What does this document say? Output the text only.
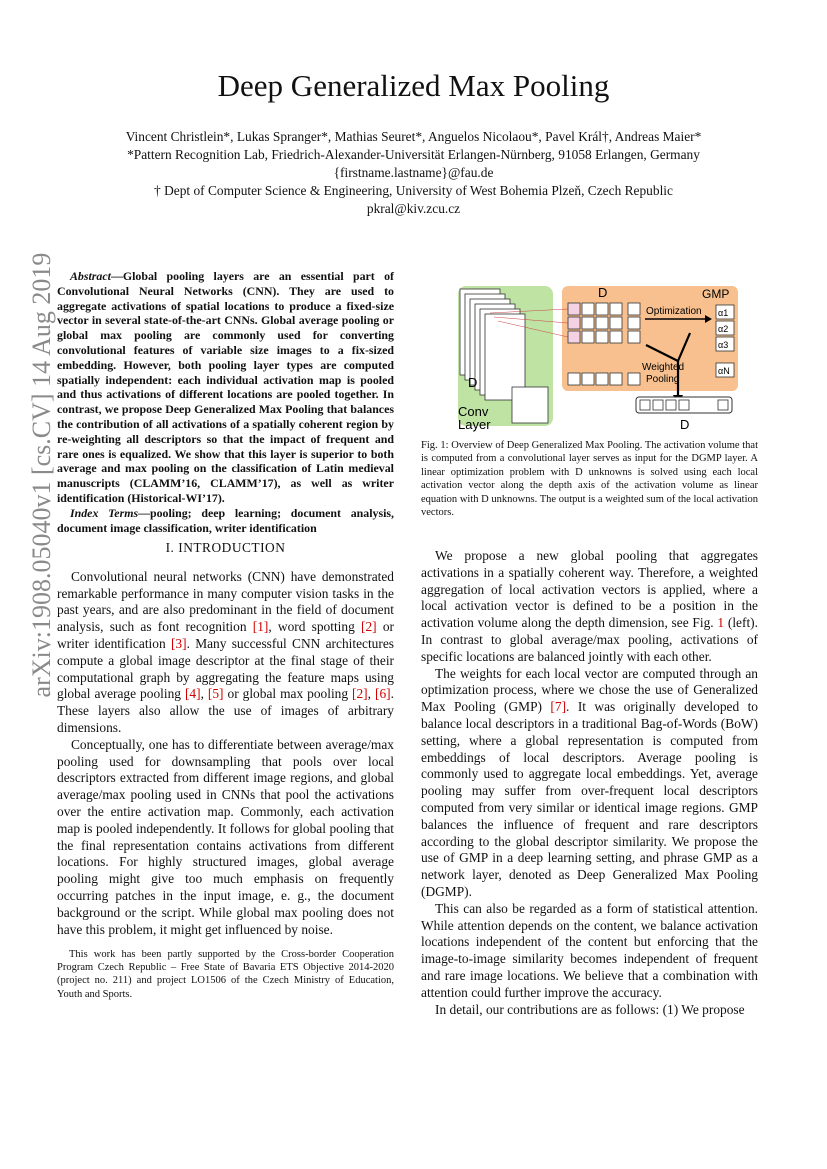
arXiv:1908.05040v1 [cs.CV] 14 Aug 2019
Deep Generalized Max Pooling
Vincent Christlein*, Lukas Spranger*, Mathias Seuret*, Anguelos Nicolaou*, Pavel Král†, Andreas Maier*
*Pattern Recognition Lab, Friedrich-Alexander-Universität Erlangen-Nürnberg, 91058 Erlangen, Germany
{firstname.lastname}@fau.de
† Dept of Computer Science & Engineering, University of West Bohemia Plzeň, Czech Republic
pkral@kiv.zcu.cz

Abstract—Global pooling layers are an essential part of Convolutional Neural Networks (CNN). They are used to aggregate activations of spatial locations to produce a fixed-size vector in several state-of-the-art CNNs. Global average pooling or global max pooling are commonly used for converting convolutional features of variable size images to a fix-sized embedding. However, both pooling layer types are computed spatially independent: each individual activation map is pooled and thus activations of different locations are pooled together. In contrast, we propose Deep Generalized Max Pooling that balances the contribution of all activations of a spatially coherent region by re-weighting all descriptors so that the impact of frequent and rare ones is equalized. We show that this layer is superior to both average and max pooling on the classification of Latin medieval manuscripts (CLAMM’16, CLAMM’17), as well as writer identification (Historical-WI’17).

Index Terms—pooling; deep learning; document analysis, document image classification, writer identification

I. INTRODUCTION

Convolutional neural networks (CNN) have demonstrated remarkable performance in many computer vision tasks in the past years, and are also predominant in the field of document analysis, such as font recognition [1], word spotting [2] or writer identification [3]. Many successful CNN architectures compute a global image descriptor at the final stage of their computational graph by aggregating the feature maps using global average pooling [4], [5] or global max pooling [2], [6]. These layers also allow the use of images of arbitrary dimensions.

Conceptually, one has to differentiate between average/max pooling used for downsampling that pools over local descriptors extracted from different image regions, and global average/max pooling used in CNNs that pool the activations over the entire activation map. Commonly, each activation map is pooled independently. It follows for global pooling that the final representation contains activations from different locations. For highly structured images, global average pooling might give too much emphasis on frequently occurring patches in the input image, e. g., the document background or the script. While global max pooling does not have this problem, it might get influenced by noise.

This work has been partly supported by the Cross-border Cooperation Program Czech Republic – Free State of Bavaria ETS Objective 2014-2020 (project no. 211) and project LO1506 of the Czech Ministry of Education, Youth and Sports.

D
Conv
Layer
D	GMP
Optimization
Weighted
Pooling
α1
α2
α3
αN
D
Fig. 1: Overview of Deep Generalized Max Pooling. The activation volume that is computed from a convolutional layer serves as input for the DGMP layer. A linear optimization problem with D unknowns is solved using each local activation vector along the depth axis of the activation volume as linear equation with D unknowns. The output is a weighted sum of the local activation vectors.

We propose a new global pooling that aggregates activations in a spatially coherent way. Therefore, a weighted aggregation of local activation vectors is applied, where a local activation vector is defined to be a position in the activation volume along the depth dimension, see Fig. 1 (left). In contrast to global average/max pooling, activations of specific locations are balanced jointly with each other.

The weights for each local vector are computed through an optimization process, where we chose the use of Generalized Max Pooling (GMP) [7]. It was originally developed to balance local descriptors in a traditional Bag-of-Words (BoW) setting, where a global representation is computed from embeddings of local descriptors. Average pooling is commonly used to aggregate local embeddings. Yet, average pooling may suffer from over-frequent local descriptors computed from very similar or identical image regions. GMP balances the influence of frequent and rare descriptors according to the global descriptor similarity. We propose the use of GMP in a deep learning setting, and phrase GMP as a network layer, denoted as Deep Generalized Max Pooling (DGMP).

This can also be regarded as a form of statistical attention. While attention depends on the content, we balance activation locations independent of the content but enforcing that the image-to-image similarity becomes independent of frequent and rare image locations. We believe that a combination with attention could further improve the accuracy.

In detail, our contributions are as follows: (1) We propose
